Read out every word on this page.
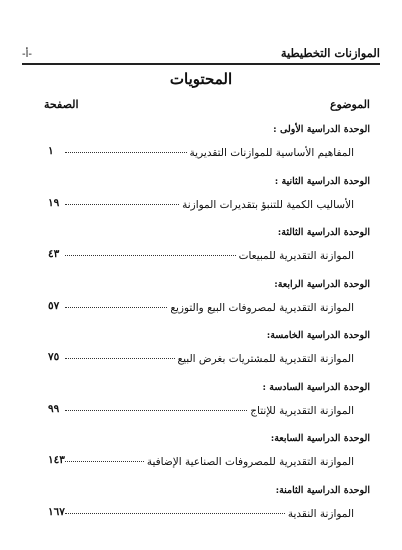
الموازنات التخطيطية
-أ-
المحتويات
الموضوع
الصفحة
الوحدة الدراسية الأولى :
المفاهيم الأساسية للموازنات التقديرية
١
الوحدة الدراسية الثانية :
الأساليب الكمية للتنبؤ بتقديرات الموازنة
١٩
الوحدة الدراسية الثالثة:
الموازنة التقديرية للمبيعات
٤٣
الوحدة الدراسية الرابعة:
الموازنة التقديرية لمصروفات البيع والتوزيع
٥٧
الوحدة الدراسية الخامسة:
الموازنة التقديرية للمشتريات بغرض البيع
٧٥
الوحدة الدراسية السادسة :
الموازنة التقديرية للإنتاج
٩٩
الوحدة الدراسية السابعة:
الموازنة التقديرية للمصروفات الصناعية الإضافية
١٤٣
الوحدة الدراسية الثامنة:
الموازنة النقدية
١٦٧
